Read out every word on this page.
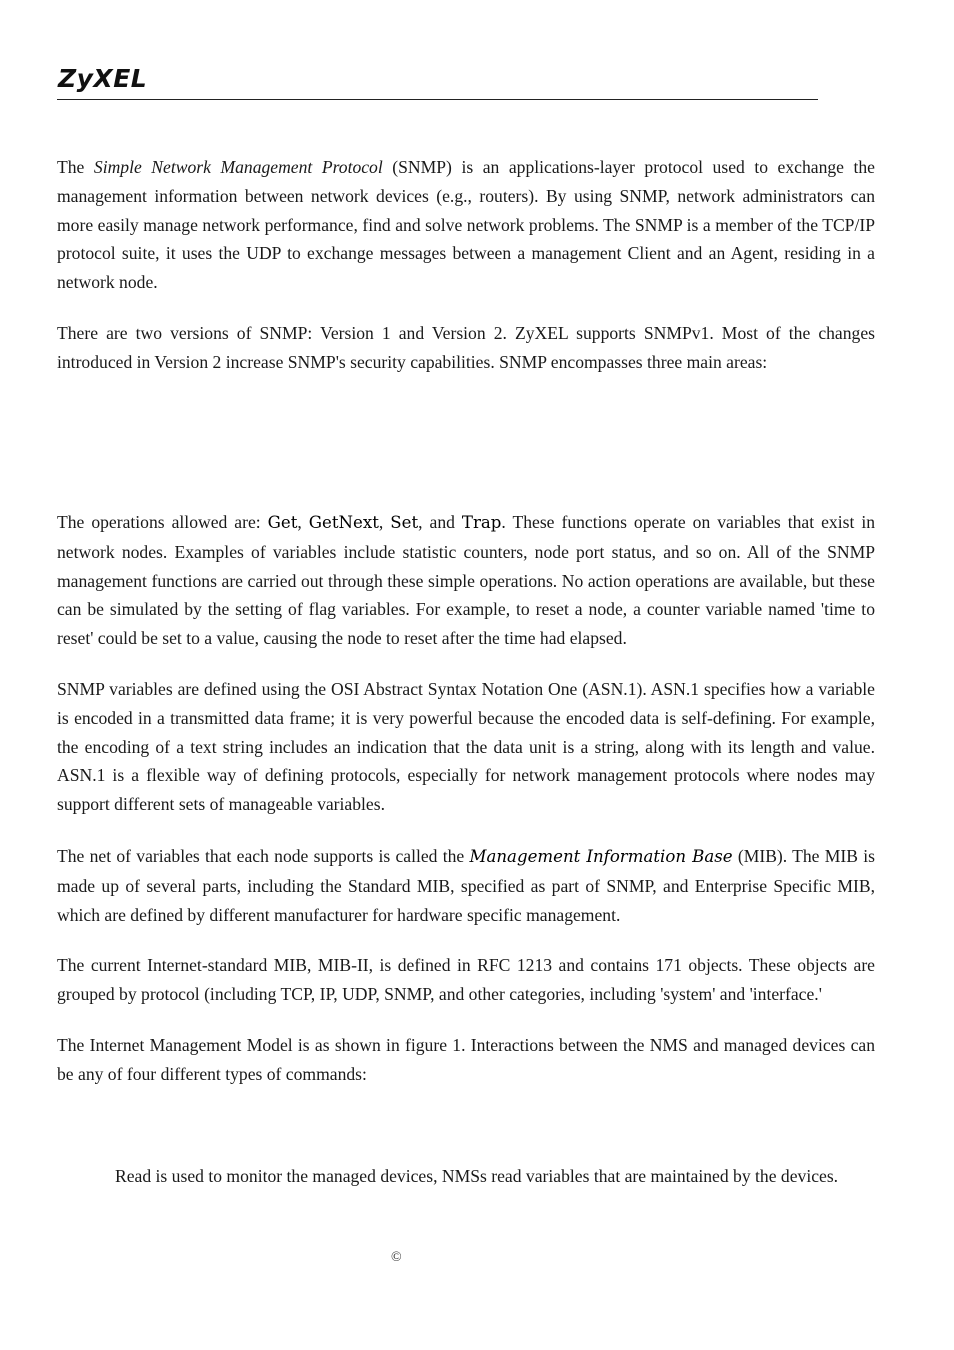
ZyXEL

The Simple Network Management Protocol (SNMP) is an applications-layer protocol used to exchange the management information between network devices (e.g., routers). By using SNMP, network administrators can more easily manage network performance, find and solve network problems. The SNMP is a member of the TCP/IP protocol suite, it uses the UDP to exchange messages between a management Client and an Agent, residing in a network node.

There are two versions of SNMP: Version 1 and Version 2. ZyXEL supports SNMPv1. Most of the changes introduced in Version 2 increase SNMP's security capabilities. SNMP encompasses three main areas:

The operations allowed are: Get, GetNext, Set, and Trap. These functions operate on variables that exist in network nodes. Examples of variables include statistic counters, node port status, and so on. All of the SNMP management functions are carried out through these simple operations. No action operations are available, but these can be simulated by the setting of flag variables. For example, to reset a node, a counter variable named 'time to reset' could be set to a value, causing the node to reset after the time had elapsed.

SNMP variables are defined using the OSI Abstract Syntax Notation One (ASN.1). ASN.1 specifies how a variable is encoded in a transmitted data frame; it is very powerful because the encoded data is self-defining. For example, the encoding of a text string includes an indication that the data unit is a string, along with its length and value. ASN.1 is a flexible way of defining protocols, especially for network management protocols where nodes may support different sets of manageable variables.

The net of variables that each node supports is called the Management Information Base (MIB). The MIB is made up of several parts, including the Standard MIB, specified as part of SNMP, and Enterprise Specific MIB, which are defined by different manufacturer for hardware specific management.

The current Internet-standard MIB, MIB-II, is defined in RFC 1213 and contains 171 objects. These objects are grouped by protocol (including TCP, IP, UDP, SNMP, and other categories, including 'system' and 'interface.'

The Internet Management Model is as shown in figure 1. Interactions between the NMS and managed devices can be any of four different types of commands:

Read is used to monitor the managed devices, NMSs read variables that are maintained by the devices.

©
